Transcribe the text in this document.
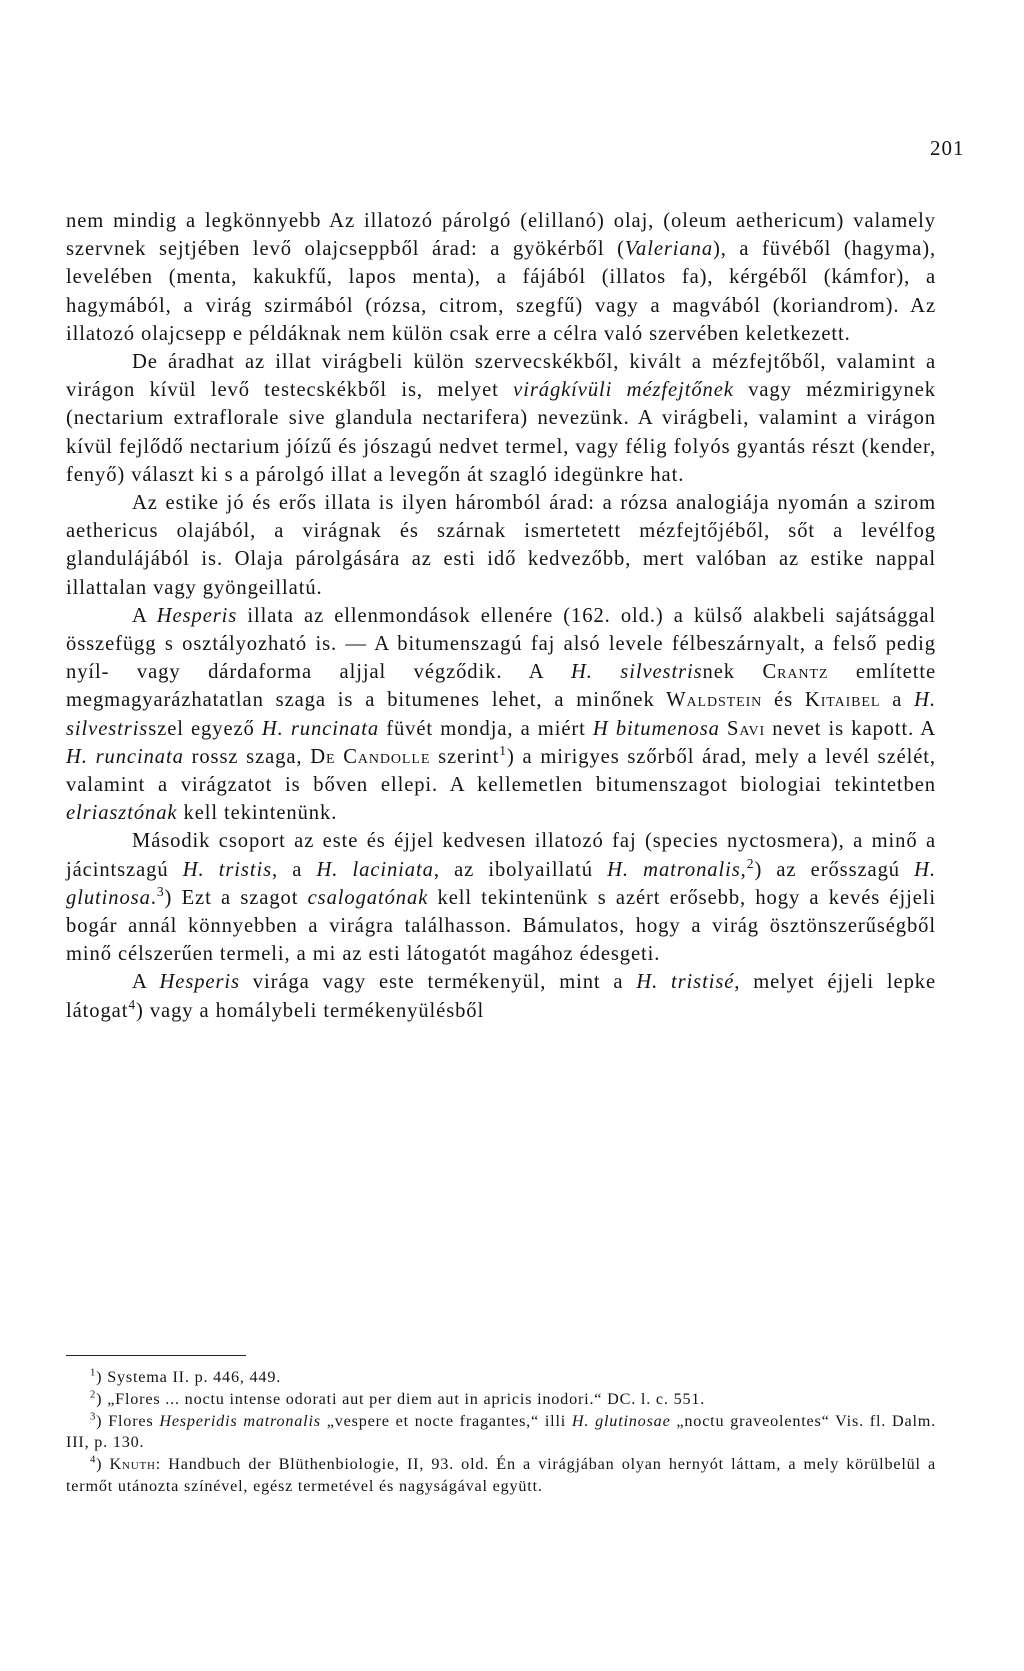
201

nem mindig a legkönnyebb Az illatozó párolgó (elillanó) olaj, (oleum aethericum) valamely szervnek sejtjében levő olajcseppből árad: a gyökérből (Valeriana), a füvéből (hagyma), levelében (menta, kakukfű, lapos menta), a fájából (illatos fa), kérgéből (kámfor), a hagymából, a virág szirmából (rózsa, citrom, szegfű) vagy a magvából (koriandrom). Az illatozó olajcsepp e példáknak nem külön csak erre a célra való szervében keletkezett.

De áradhat az illat virágbeli külön szervecskékből, kivált a mézfejtőből, valamint a virágon kívül levő testecskékből is, melyet virágkívüli mézfejtőnek vagy mézmirigynek (nectarium extraflorale sive glandula nectarifera) nevezünk. A virágbeli, valamint a virágon kívül fejlődő nectarium jóízű és jószagú nedvet termel, vagy félig folyós gyantás részt (kender, fenyő) választ ki s a párolgó illat a levegőn át szagló idegünkre hat.

Az estike jó és erős illata is ilyen háromból árad: a rózsa analogiája nyomán a szirom aethericus olajából, a virágnak és szárnak ismertetett mézfejtőjéből, sőt a levélfog glandulájából is. Olaja párolgására az esti idő kedvezőbb, mert valóban az estike nappal illattalan vagy gyöngeillatú.

A Hesperis illata az ellenmondások ellenére (162. old.) a külső alakbeli sajátsággal összefügg s osztályozható is. — A bitumenszagú faj alsó levele félbeszárnyalt, a felső pedig nyíl- vagy dárdaforma aljjal végződik. A H. silvestrisnek Crantz említette megmagyarázhatatlan szaga is a bitumenes lehet, a minőnek Waldstein és Kitaibel a H. silvestrisszel egyező H. runcinata füvét mondja, a miért H bitumenosa Savi nevet is kapott. A H. runcinata rossz szaga, De Candolle szerint$^1$) a mirigyes szőrből árad, mely a levél szélét, valamint a virágzatot is bőven ellepi. A kellemetlen bitumenszagot biologiai tekintetben elriasztónak kell tekintenünk.

Második csoport az este és éjjel kedvesen illatozó faj (species nyctosmera), a minő a jácintszagú H. tristis, a H. laciniata, az ibolyaillatú H. matronalis,$^2$) az erősszagú H. glutinosa.$^3$) Ezt a szagot csalogatónak kell tekintenünk s azért erősebb, hogy a kevés éjjeli bogár annál könnyebben a virágra találhasson. Bámulatos, hogy a virág ösztönszerűségből minő célszerűen termeli, a mi az esti látogatót magához édesgeti.

A Hesperis virága vagy este termékenyül, mint a H. tristisé, melyet éjjeli lepke látogat$^4$) vagy a homálybeli termékenyülésből

$^1$) Systema II. p. 446, 449.

$^2$) „Flores ... noctu intense odorati aut per diem aut in apricis inodori.“ DC. l. c. 551.

$^3$) Flores Hesperidis matronalis „vespere et nocte fragantes,“ illi H. glutinosae „noctu graveolentes“ Vis. fl. Dalm. III, p. 130.

$^4$) Knuth: Handbuch der Blüthenbiologie, II, 93. old. Én a virágjában olyan hernyót láttam, a mely körülbelül a termőt utánozta színével, egész termetével és nagyságával együtt.
